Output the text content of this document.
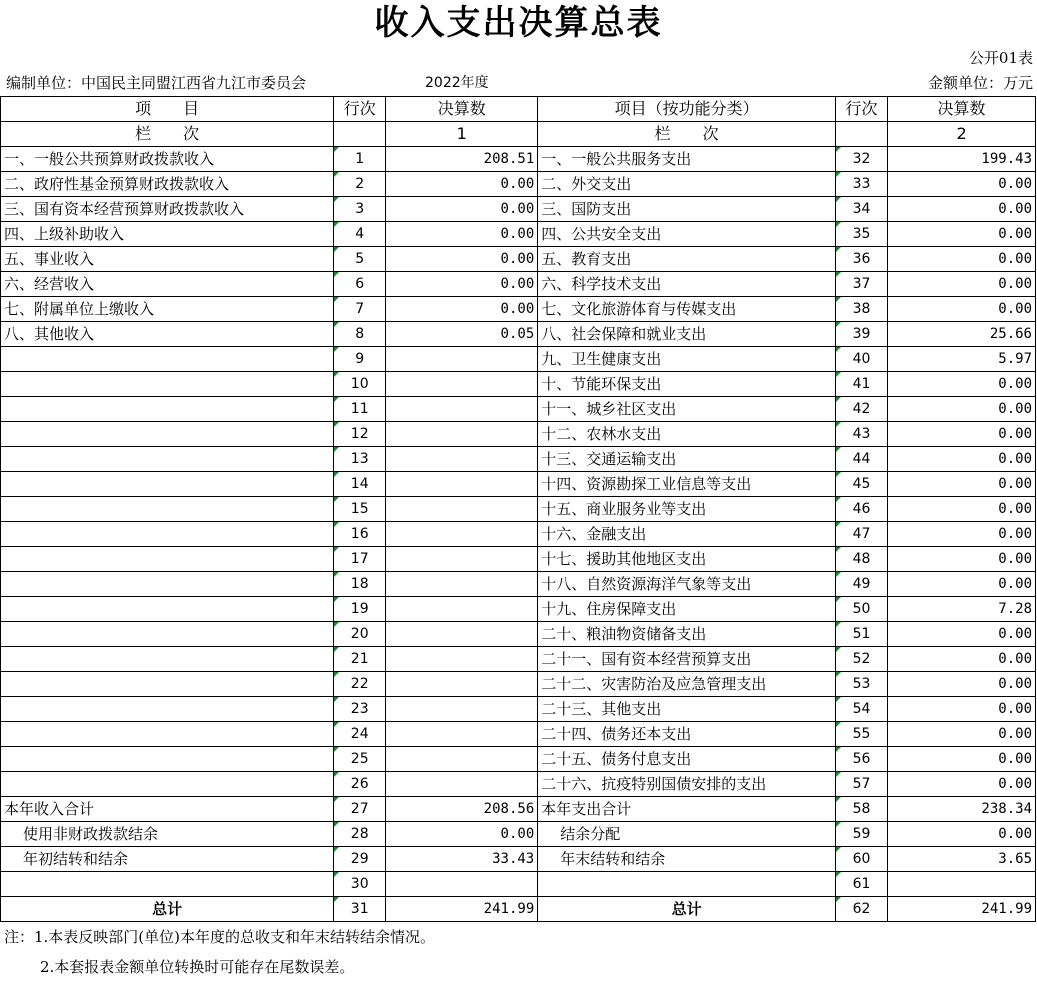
收入支出决算总表
公开01表
编制单位：中国民主同盟江西省九江市委员会	2022年度	金额单位：万元
项　　目	行次	决算数	项目（按功能分类）	行次	决算数
栏　　次		1	栏　　次		2
一、一般公共预算财政拨款收入	1	208.51	一、一般公共服务支出	32	199.43
二、政府性基金预算财政拨款收入	2	0.00	二、外交支出	33	0.00
三、国有资本经营预算财政拨款收入	3	0.00	三、国防支出	34	0.00
四、上级补助收入	4	0.00	四、公共安全支出	35	0.00
五、事业收入	5	0.00	五、教育支出	36	0.00
六、经营收入	6	0.00	六、科学技术支出	37	0.00
七、附属单位上缴收入	7	0.00	七、文化旅游体育与传媒支出	38	0.00
八、其他收入	8	0.05	八、社会保障和就业支出	39	25.66
	9		九、卫生健康支出	40	5.97
	10		十、节能环保支出	41	0.00
	11		十一、城乡社区支出	42	0.00
	12		十二、农林水支出	43	0.00
	13		十三、交通运输支出	44	0.00
	14		十四、资源勘探工业信息等支出	45	0.00
	15		十五、商业服务业等支出	46	0.00
	16		十六、金融支出	47	0.00
	17		十七、援助其他地区支出	48	0.00
	18		十八、自然资源海洋气象等支出	49	0.00
	19		十九、住房保障支出	50	7.28
	20		二十、粮油物资储备支出	51	0.00
	21		二十一、国有资本经营预算支出	52	0.00
	22		二十二、灾害防治及应急管理支出	53	0.00
	23		二十三、其他支出	54	0.00
	24		二十四、债务还本支出	55	0.00
	25		二十五、债务付息支出	56	0.00
	26		二十六、抗疫特别国债安排的支出	57	0.00
本年收入合计	27	208.56	本年支出合计	58	238.34
使用非财政拨款结余	28	0.00	结余分配	59	0.00
年初结转和结余	29	33.43	年末结转和结余	60	3.65
	30			61	
总计	31	241.99	总计	62	241.99
注：1.本表反映部门(单位)本年度的总收支和年末结转结余情况。
2.本套报表金额单位转换时可能存在尾数误差。
